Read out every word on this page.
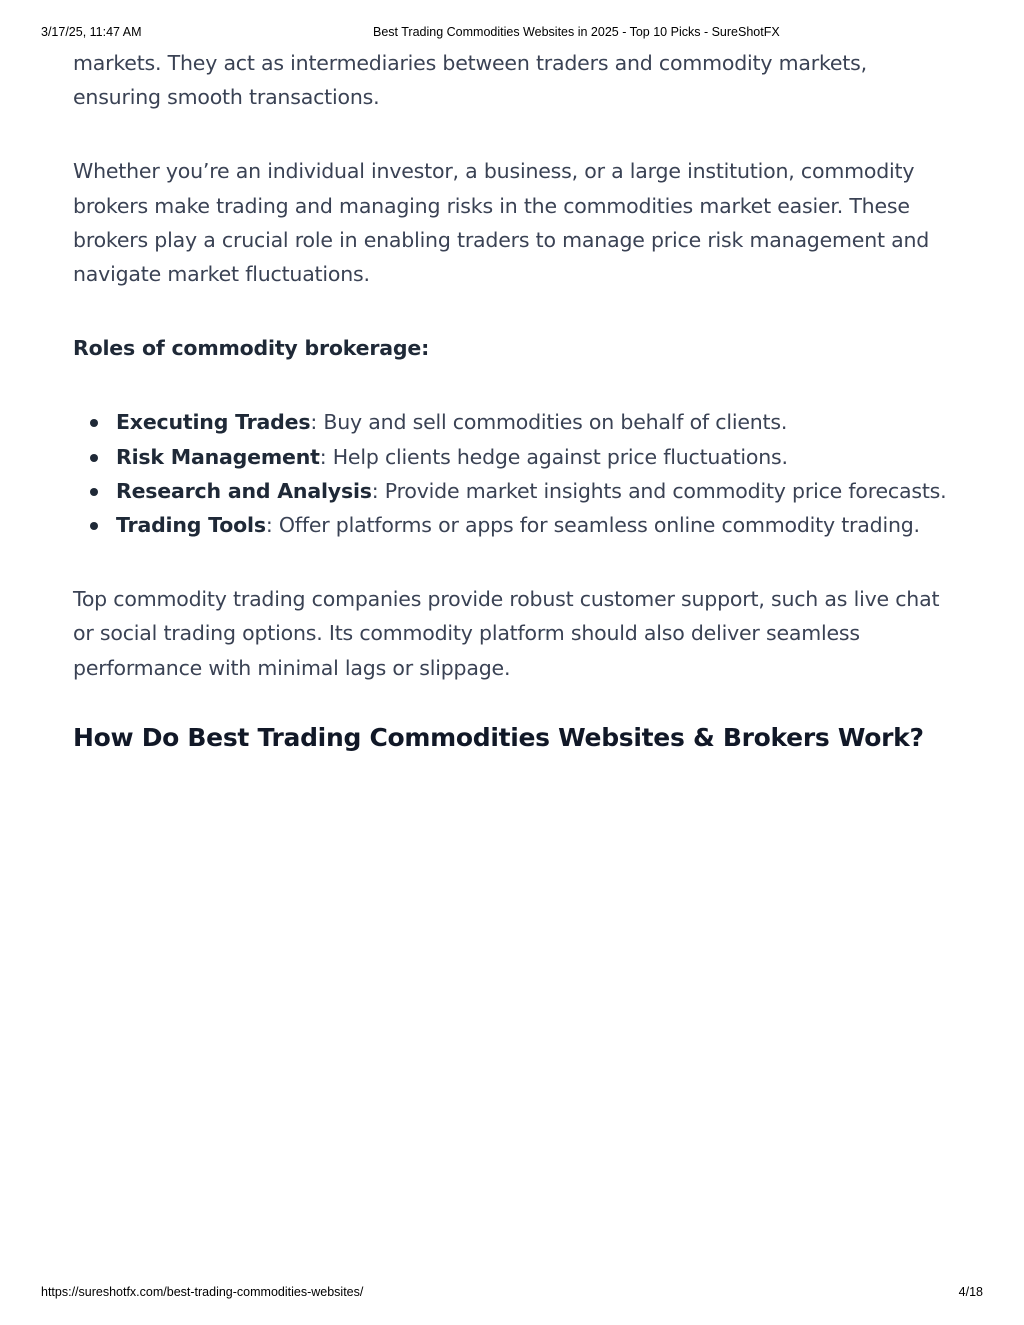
3/17/25, 11:47 AM	Best Trading Commodities Websites in 2025 - Top 10 Picks - SureShotFX

markets. They act as intermediaries between traders and commodity markets, ensuring smooth transactions.

Whether you’re an individual investor, a business, or a large institution, commodity brokers make trading and managing risks in the commodities market easier. These brokers play a crucial role in enabling traders to manage price risk management and navigate market fluctuations.

Roles of commodity brokerage:

Executing Trades: Buy and sell commodities on behalf of clients.
Risk Management: Help clients hedge against price fluctuations.
Research and Analysis: Provide market insights and commodity price forecasts.
Trading Tools: Offer platforms or apps for seamless online commodity trading.

Top commodity trading companies provide robust customer support, such as live chat or social trading options. Its commodity platform should also deliver seamless performance with minimal lags or slippage.

How Do Best Trading Commodities Websites & Brokers Work?
https://sureshotfx.com/best-trading-commodities-websites/	4/18
